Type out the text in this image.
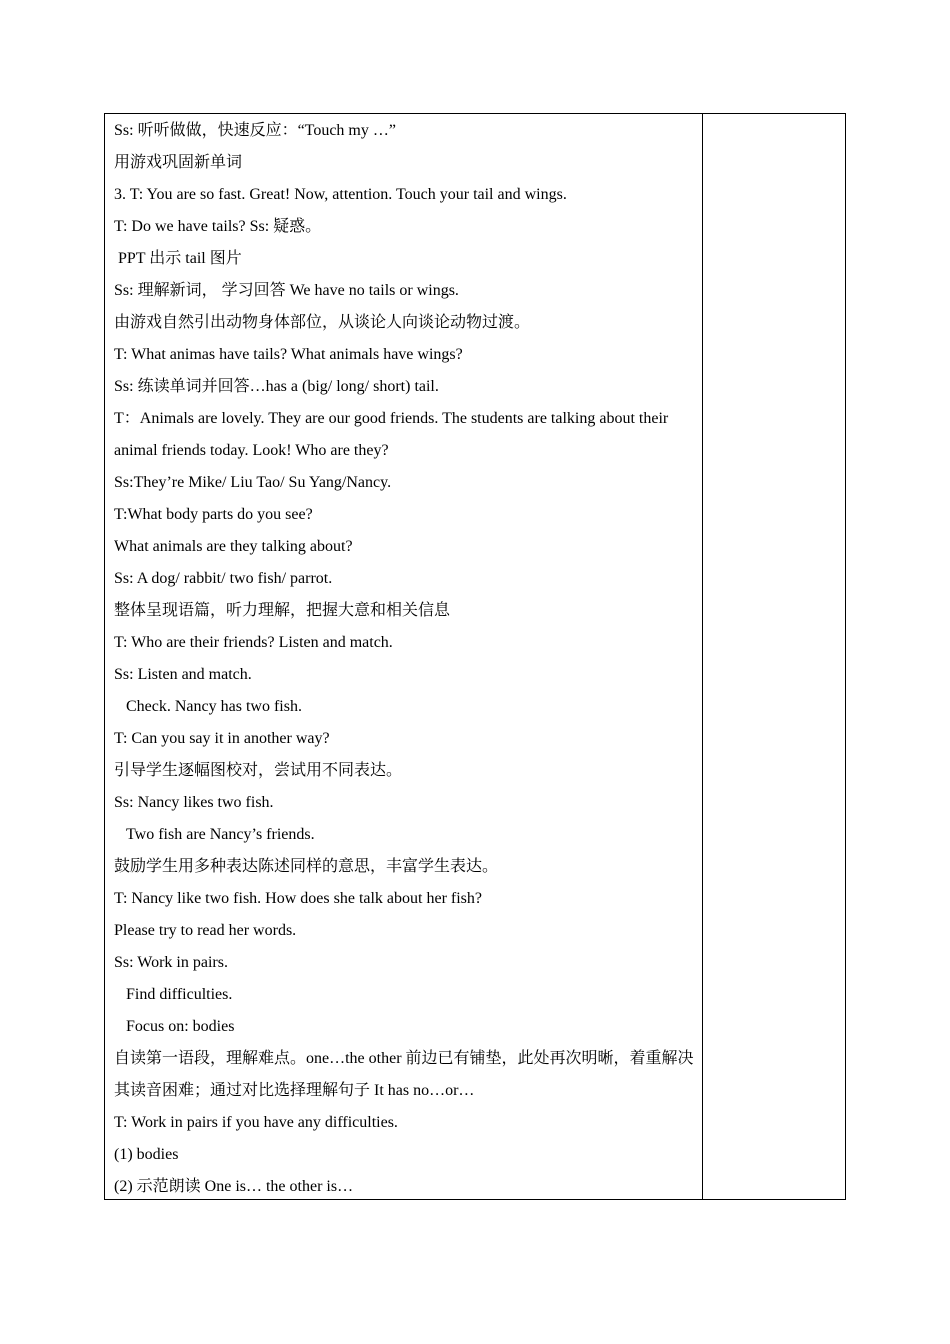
Ss: 听听做做，快速反应：“Touch my …”
用游戏巩固新单词
3. T: You are so fast. Great! Now, attention. Touch your tail and wings.
T: Do we have tails? Ss: 疑惑。
PPT 出示 tail 图片
Ss: 理解新词， 学习回答 We have no tails or wings.
由游戏自然引出动物身体部位，从谈论人向谈论动物过渡。
T: What animas have tails? What animals have wings?
Ss: 练读单词并回答…has a (big/ long/ short) tail.
T：Animals are lovely. They are our good friends. The students are talking about their
animal friends today. Look! Who are they?
Ss:They’re Mike/ Liu Tao/ Su Yang/Nancy.
T:What body parts do you see?
What animals are they talking about?
Ss: A dog/ rabbit/ two fish/ parrot.
整体呈现语篇，听力理解，把握大意和相关信息
T: Who are their friends? Listen and match.
Ss: Listen and match.
Check. Nancy has two fish.
T: Can you say it in another way?
引导学生逐幅图校对，尝试用不同表达。
Ss: Nancy likes two fish.
Two fish are Nancy’s friends.
鼓励学生用多种表达陈述同样的意思，丰富学生表达。
T: Nancy like two fish. How does she talk about her fish?
Please try to read her words.
Ss: Work in pairs.
Find difficulties.
Focus on: bodies
自读第一语段，理解难点。one…the other 前边已有铺垫，此处再次明晰，着重解决
其读音困难；通过对比选择理解句子 It has no…or…
T: Work in pairs if you have any difficulties.
(1) bodies
(2) 示范朗读 One is… the other is…
